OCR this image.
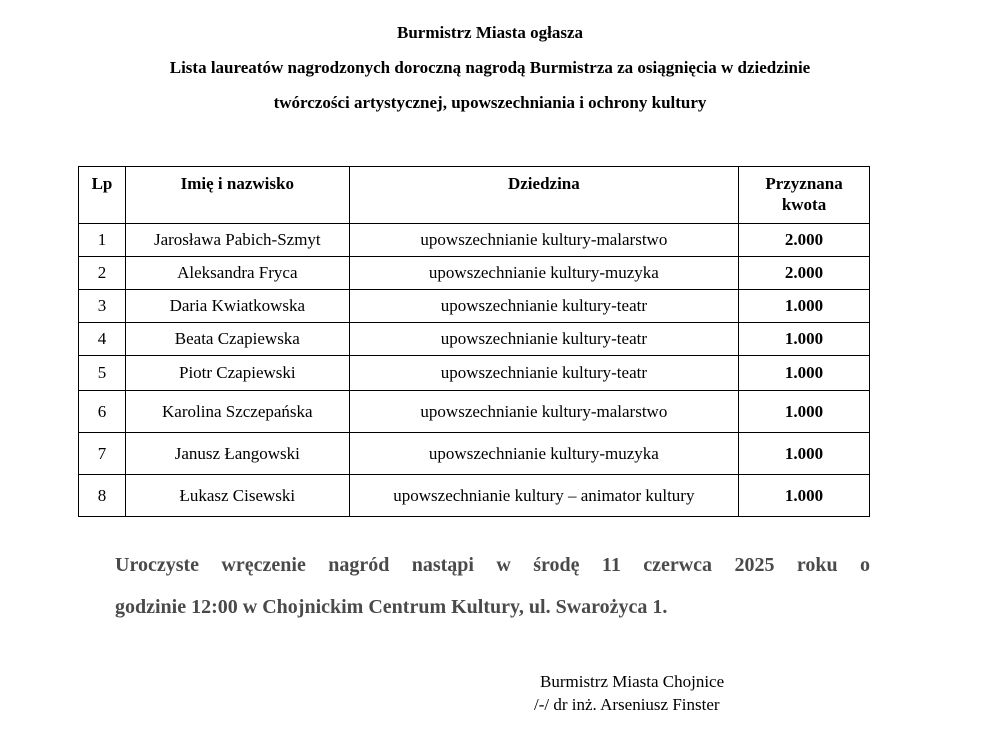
Burmistrz Miasta ogłasza
Lista laureatów nagrodzonych doroczną nagrodą Burmistrza za osiągnięcia w dziedzinie
twórczości artystycznej, upowszechniania i ochrony kultury
Lp	Imię i nazwisko	Dziedzina	Przyznana
kwota
1	Jarosława Pabich-Szmyt	upowszechnianie kultury-malarstwo	2.000
2	Aleksandra Fryca	upowszechnianie kultury-muzyka	2.000
3	Daria Kwiatkowska	upowszechnianie kultury-teatr	1.000
4	Beata Czapiewska	upowszechnianie kultury-teatr	1.000
5	Piotr Czapiewski	upowszechnianie kultury-teatr	1.000
6	Karolina Szczepańska	upowszechnianie kultury-malarstwo	1.000
7	Janusz Łangowski	upowszechnianie kultury-muzyka	1.000
8	Łukasz Cisewski	upowszechnianie kultury – animator kultury	1.000
Uroczyste wręczenie nagród nastąpi w środę 11 czerwca 2025 roku o
godzinie 12:00 w Chojnickim Centrum Kultury, ul. Swarożyca 1.
Burmistrz Miasta Chojnice
/-/ dr inż. Arseniusz Finster
